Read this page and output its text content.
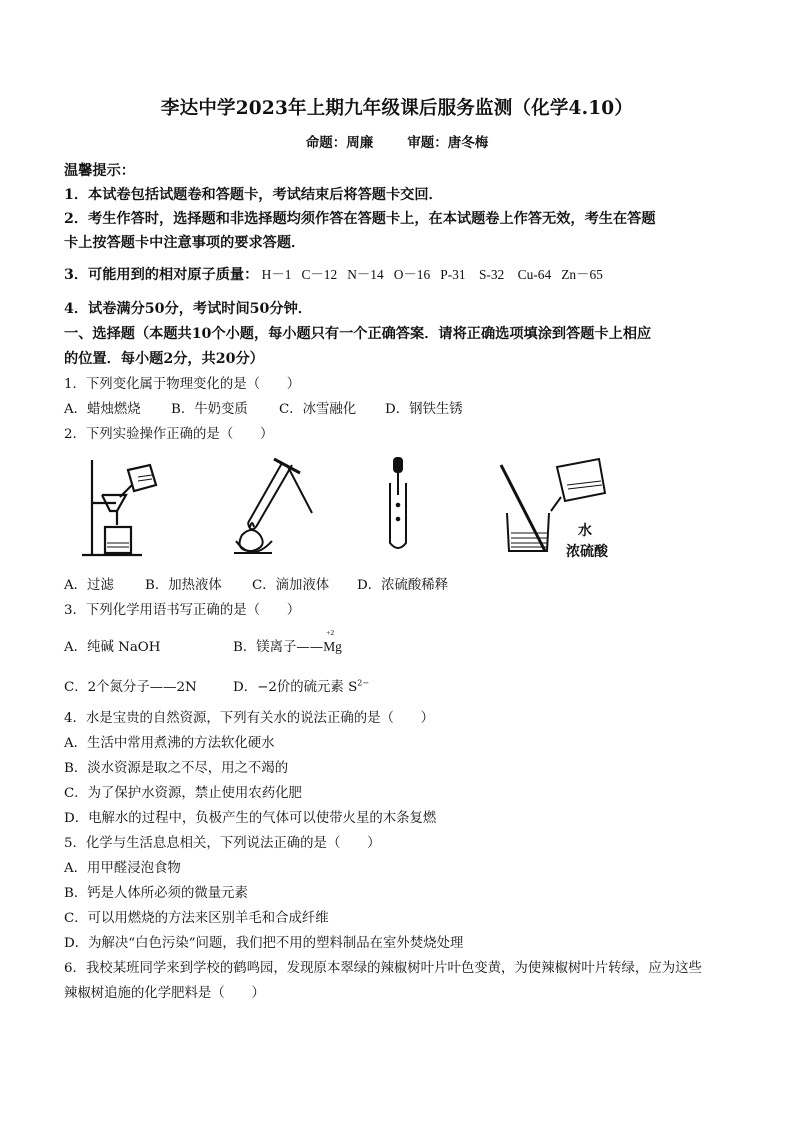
李达中学2023年上期九年级课后服务监测（化学4.10）
命题：周廉	审题：唐冬梅
温馨提示：
1．本试卷包括试题卷和答题卡，考试结束后将答题卡交回．
2．考生作答时，选择题和非选择题均须作答在答题卡上，在本试题卷上作答无效，考生在答题
卡上按答题卡中注意事项的要求答题．
3．可能用到的相对原子质量： H－1 C－12 N－14 O－16 P-31 S-32 Cu-64 Zn－65
4．试卷满分50分，考试时间50分钟．
一、选择题（本题共10个小题，每小题只有一个正确答案．请将正确选项填涂到答题卡上相应
的位置．每小题2分，共20分）
1．下列变化属于物理变化的是（　　）
A．蜡烛燃烧 B．牛奶变质 C．冰雪融化 D．钢铁生锈
2．下列实验操作正确的是（　　）
水
浓硫酸
A．过滤 B．加热液体 C．滴加液体 D．浓硫酸稀释
3．下列化学用语书写正确的是（　　）
A．纯碱 NaOH	B．镁离子——
+2
Mg
C．2个氮分子——2N	D．−2价的硫元素 $S^{2-}$
4．水是宝贵的自然资源，下列有关水的说法正确的是（　　）
A．生活中常用煮沸的方法软化硬水
B．淡水资源是取之不尽，用之不竭的
C．为了保护水资源，禁止使用农药化肥
D．电解水的过程中，负极产生的气体可以使带火星的木条复燃
5．化学与生活息息相关，下列说法正确的是（　　）
A．用甲醛浸泡食物
B．钙是人体所必须的微量元素
C．可以用燃烧的方法来区别羊毛和合成纤维
D．为解决“白色污染”问题，我们把不用的塑料制品在室外焚烧处理
6．我校某班同学来到学校的鹤鸣园，发现原本翠绿的辣椒树叶片叶色变黄，为使辣椒树叶片转绿，应为这些
辣椒树追施的化学肥料是（　　）
